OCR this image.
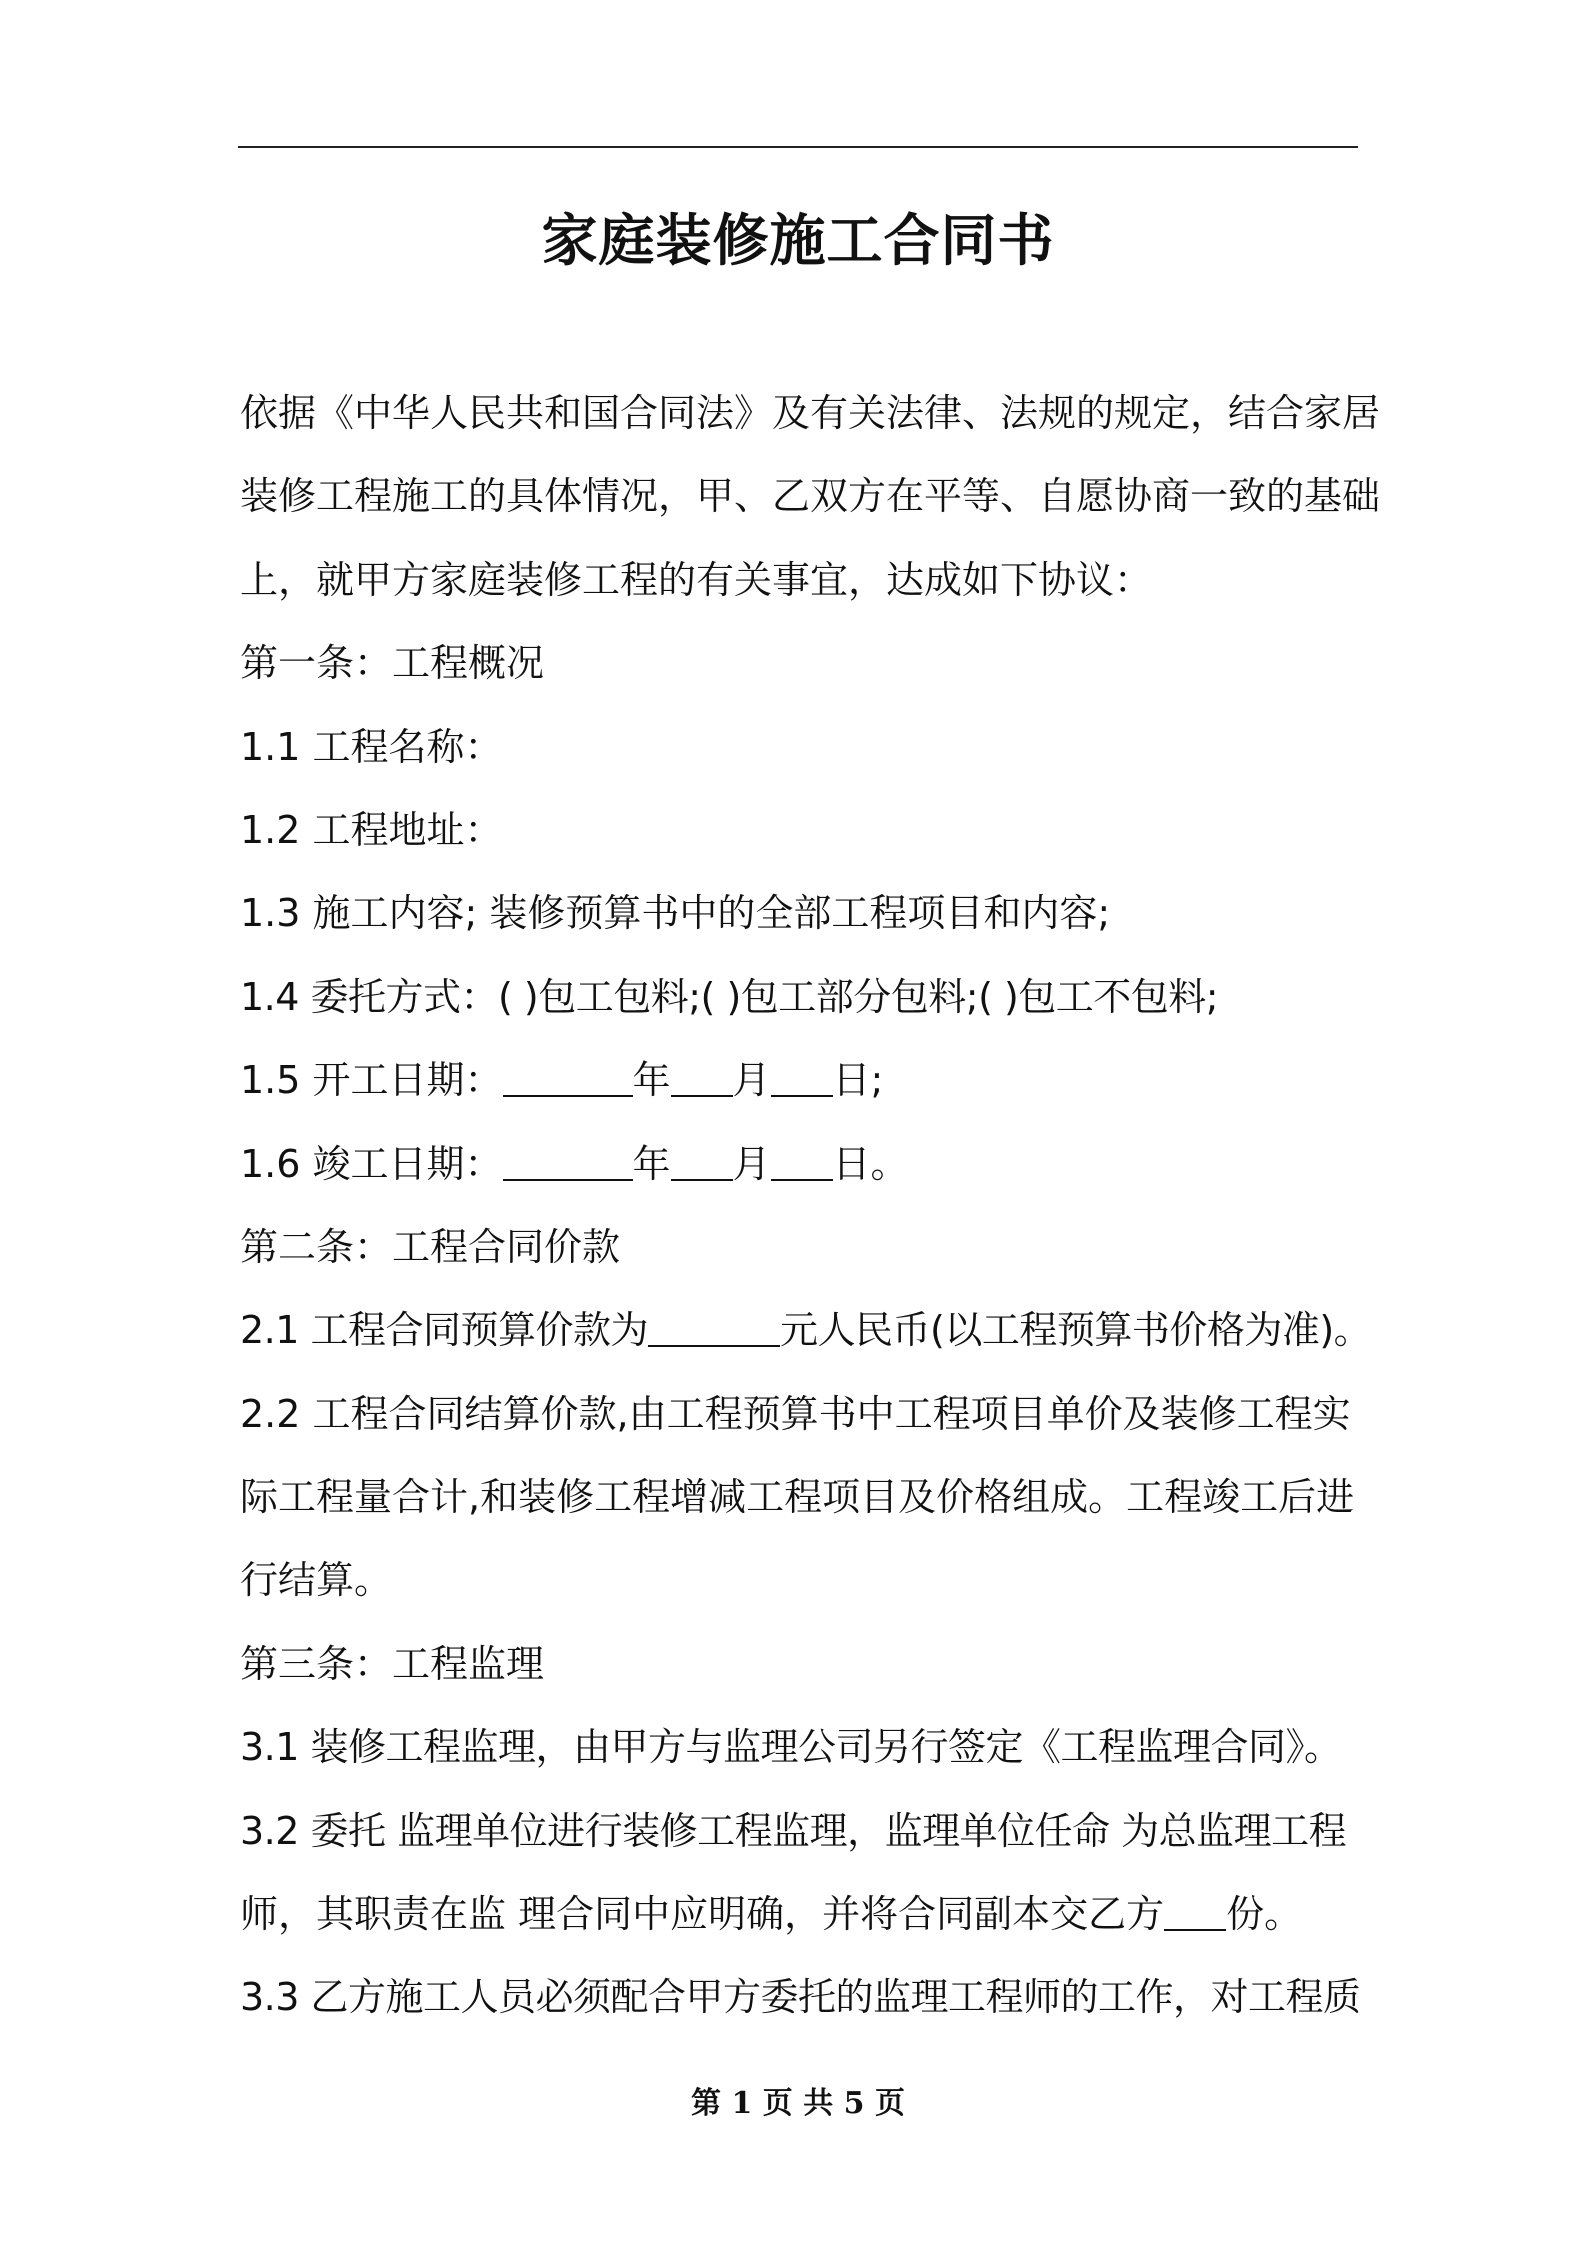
家庭装修施工合同书
依据《中华人民共和国合同法》及有关法律、法规的规定，结合家居
装修工程施工的具体情况，甲、乙双方在平等、自愿协商一致的基础
上，就甲方家庭装修工程的有关事宜，达成如下协议：
第一条：工程概况
1.1 工程名称：
1.2 工程地址：
1.3 施工内容; 装修预算书中的全部工程项目和内容;
1.4 委托方式：( )包工包料;( )包工部分包料;( )包工不包料;
1.5 开工日期：	年 月 日;
1.6 竣工日期：	年 月 日。
第二条：工程合同价款
2.1 工程合同预算价款为	元人民币(以工程预算书价格为准)。
2.2 工程合同结算价款,由工程预算书中工程项目单价及装修工程实
际工程量合计,和装修工程增减工程项目及价格组成。工程竣工后进
行结算。
第三条：工程监理
3.1 装修工程监理，由甲方与监理公司另行签定《工程监理合同》。
3.2 委托 监理单位进行装修工程监理，监理单位任命 为总监理工程
师，其职责在监 理合同中应明确，并将合同副本交乙方 份。
3.3 乙方施工人员必须配合甲方委托的监理工程师的工作，对工程质
第 1 页 共 5 页
